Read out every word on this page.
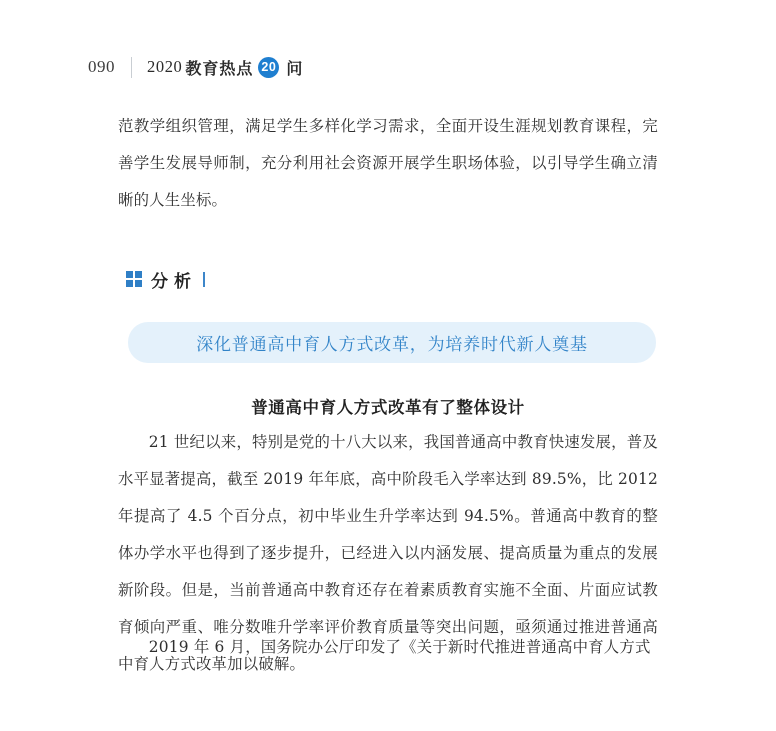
090 2020 教育热点 20 问

范教学组织管理，满足学生多样化学习需求，全面开设生涯规划教育课程，完善学生发展导师制，充分利用社会资源开展学生职场体验，以引导学生确立清晰的人生坐标。

分析
深化普通高中育人方式改革，为培养时代新人奠基
普通高中育人方式改革有了整体设计

21 世纪以来，特别是党的十八大以来，我国普通高中教育快速发展，普及水平显著提高，截至 2019 年年底，高中阶段毛入学率达到 89.5%，比 2012 年提高了 4.5 个百分点，初中毕业生升学率达到 94.5%。普通高中教育的整体办学水平也得到了逐步提升，已经进入以内涵发展、提高质量为重点的发展新阶段。但是，当前普通高中教育还存在着素质教育实施不全面、片面应试教育倾向严重、唯分数唯升学率评价教育质量等突出问题，亟须通过推进普通高中育人方式改革加以破解。

2019 年 6 月，国务院办公厅印发了《关于新时代推进普通高中育人方式
